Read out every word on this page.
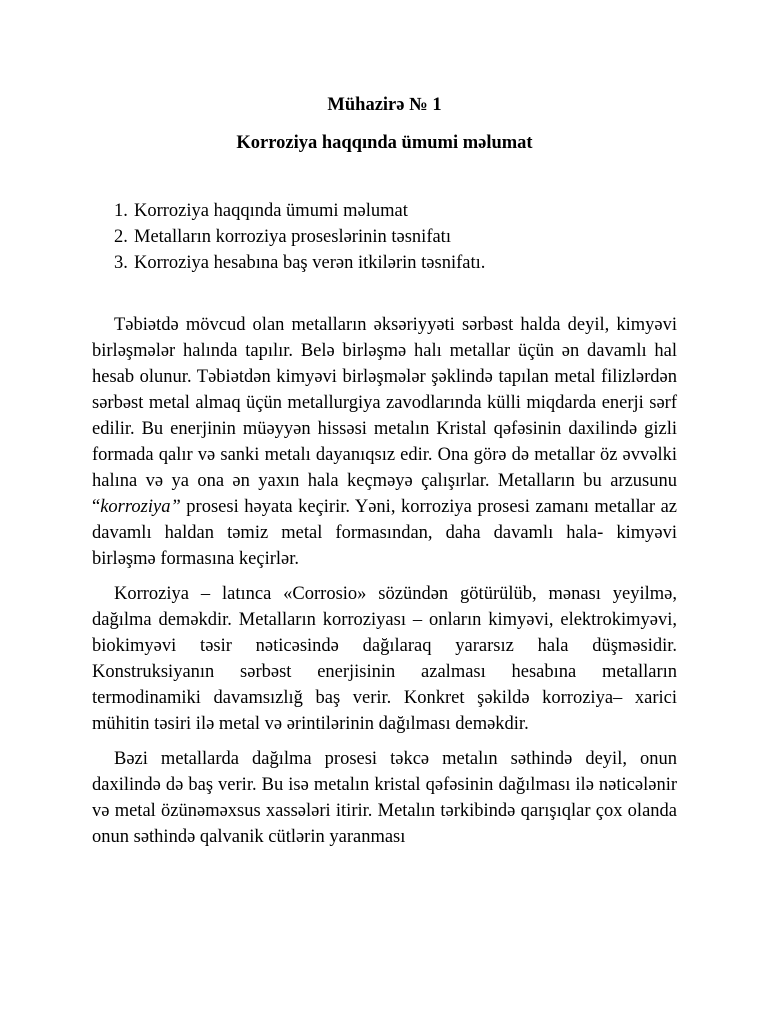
Mühazirə № 1

Korroziya haqqında ümumi məlumat

1. Korroziya haqqında ümumi məlumat
2. Metalların korroziya proseslərinin təsnifatı
3. Korroziya hesabına baş verən itkilərin təsnifatı.

Təbiətdə mövcud olan metalların əksəriyyəti sərbəst halda deyil, kimyəvi birləşmələr halında tapılır. Belə birləşmə halı metallar üçün ən davamlı hal hesab olunur. Təbiətdən kimyəvi birləşmələr şəklində tapılan metal filizlərdən sərbəst metal almaq üçün metallurgiya zavodlarında külli miqdarda enerji sərf edilir. Bu enerjinin müəyyən hissəsi metalın Kristal qəfəsinin daxilində gizli formada qalır və sanki metalı dayanıqsız edir. Ona görə də metallar öz əvvəlki halına və ya ona ən yaxın hala keçməyə çalışırlar. Metalların bu arzusunu “korroziya” prosesi həyata keçirir. Yəni, korroziya prosesi zamanı metallar az davamlı haldan təmiz metal formasından, daha davamlı hala- kimyəvi birləşmə formasına keçirlər.

Korroziya – latınca «Corrosio» sözündən götürülüb, mənası yeyilmə, dağılma deməkdir. Metalların korroziyası – onların kimyəvi, elektrokimyəvi, biokimyəvi təsir nəticəsində dağılaraq yararsız hala düşməsidir. Konstruksiyanın sərbəst enerjisinin azalması hesabına metalların termodinamiki davamsızlığ baş verir. Konkret şəkildə korroziya– xarici mühitin təsiri ilə metal və ərintilərinin dağılması deməkdir.

Bəzi metallarda dağılma prosesi təkcə metalın səthində deyil, onun daxilində də baş verir. Bu isə metalın kristal qəfəsinin dağılması ilə nəticələnir və metal özünəməxsus xassələri itirir. Metalın tərkibində qarışıqlar çox olanda onun səthində qalvanik cütlərin yaranması
